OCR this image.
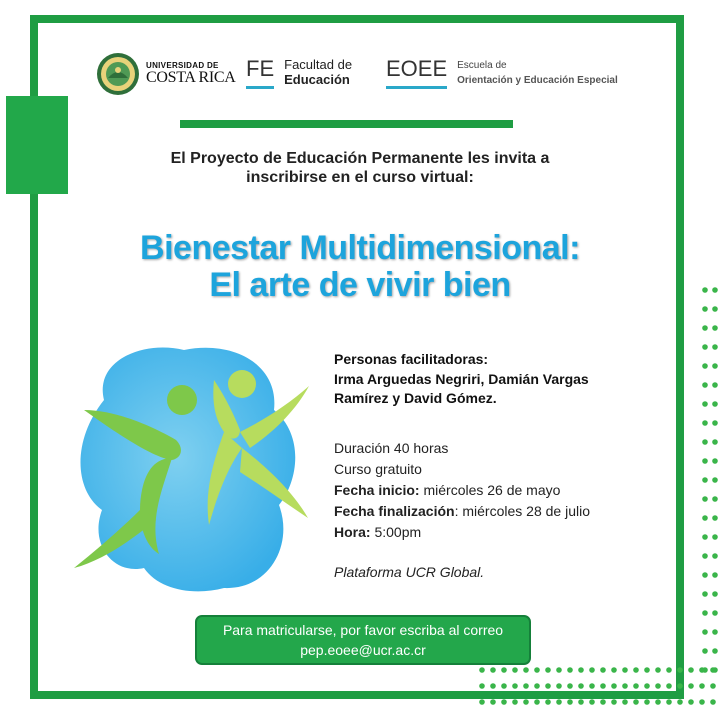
UNIVERSIDAD DE
COSTA RICA FE Facultad de
Educación EOEE Escuela de
Orientación y Educación Especial
El Proyecto de Educación Permanente les invita a
inscribirse en el curso virtual:
Bienestar Multidimensional:
El arte de vivir bien
Personas facilitadoras:
Irma Arguedas Negriri, Damián Vargas
Ramírez y David Gómez.
Duración 40 horas
Curso gratuito
Fecha inicio: miércoles 26 de mayo
Fecha finalización: miércoles 28 de julio
Hora: 5:00pm
Plataforma UCR Global.
Para matricularse, por favor escriba al correo
pep.eoee@ucr.ac.cr
